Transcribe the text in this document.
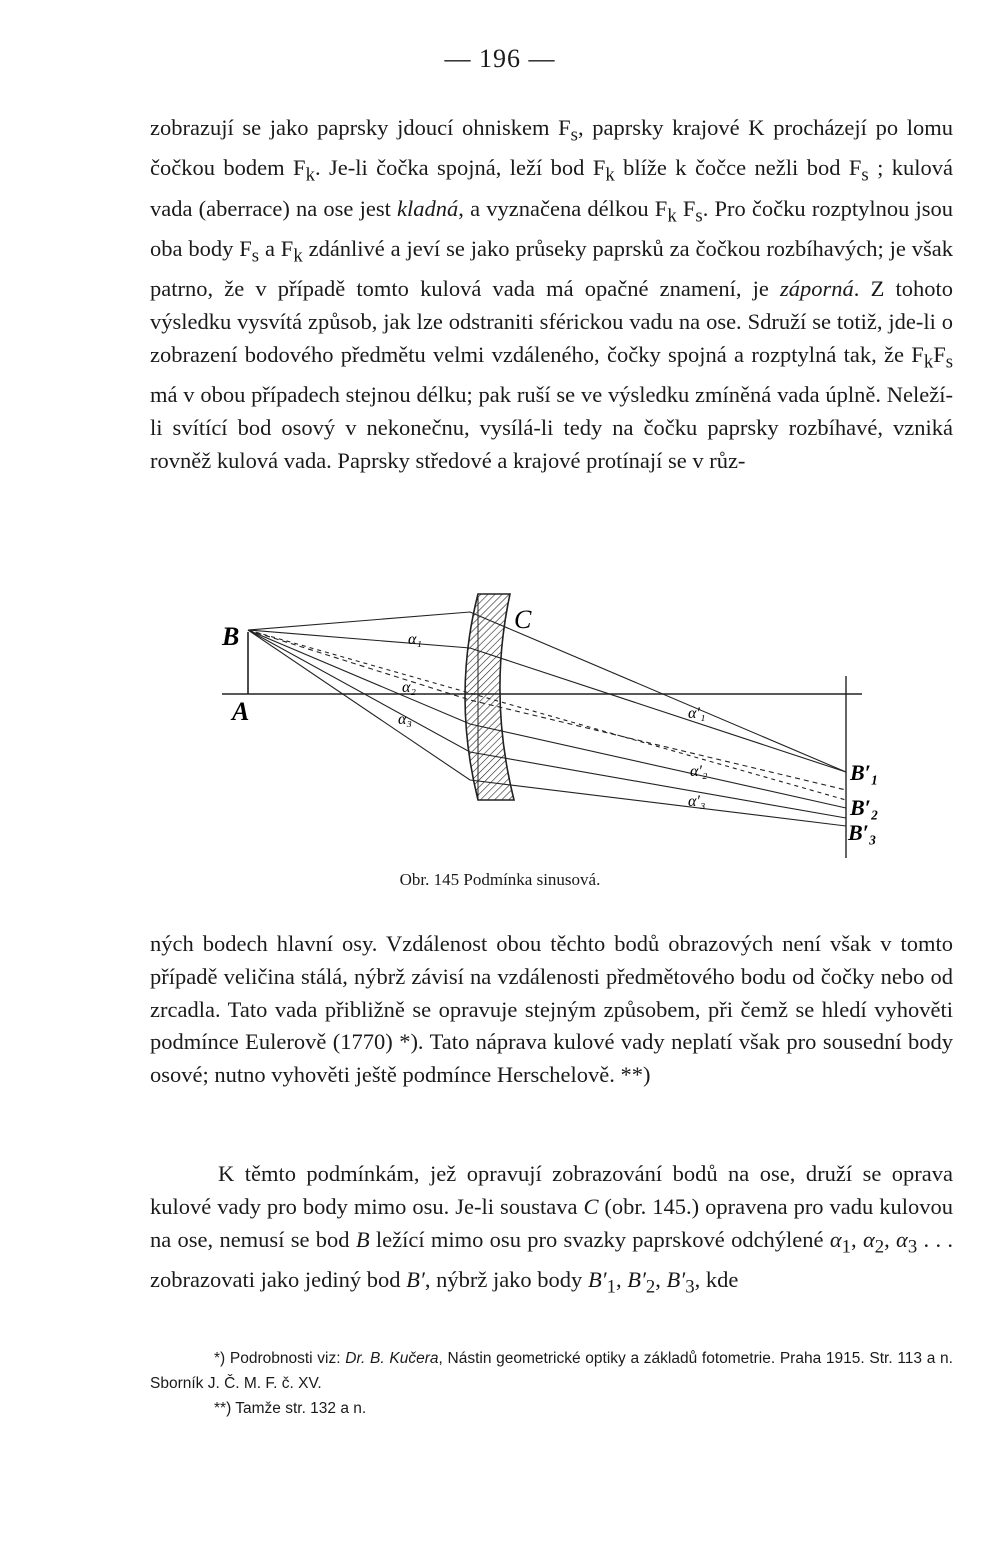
— 196 —

zobrazují se jako paprsky jdoucí ohniskem $F_s$, paprsky krajové K procházejí po lomu čočkou bodem $F_k$. Je-li čočka spojná, leží bod $F_k$ blíže k čočce nežli bod $F_s$ ; kulová vada (aberrace) na ose jest kladná, a vyznačena délkou $F_k$ $F_s$. Pro čočku rozptylnou jsou oba body $F_s$ a $F_k$ zdánlivé a jeví se jako průseky paprsků za čočkou rozbíhavých; je však patrno, že v případě tomto kulová vada má opačné znamení, je záporná. Z tohoto výsledku vysvítá způsob, jak lze odstraniti sférickou vadu na ose. Sdruží se totiž, jde-li o zobrazení bodového předmětu velmi vzdáleného, čočky spojná a rozptylná tak, že $F_kF_s$ má v obou případech stejnou délku; pak ruší se ve výsledku zmíněná vada úplně. Neleží-li svítící bod osový v nekonečnu, vysílá-li tedy na čočku paprsky rozbíhavé, vzniká rovněž kulová vada. Paprsky středové a krajové protínají se v růz-

B
A
C
α₁
α₂
α₃	α′₁
α′₂
α′₃
B′₁
B′₂
B′₃
Obr. 145 Podmínka sinusová.

ných bodech hlavní osy. Vzdálenost obou těchto bodů obrazových není však v tomto případě veličina stálá, nýbrž závisí na vzdálenosti předmětového bodu od čočky nebo od zrcadla. Tato vada přibližně se opravuje stejným způsobem, při čemž se hledí vyhověti podmínce Eulerově (1770) *). Tato náprava kulové vady neplatí však pro sousední body osové; nutno vyhověti ještě podmínce Herschelově. **)

K těmto podmínkám, jež opravují zobrazování bodů na ose, druží se oprava kulové vady pro body mimo osu. Je-li soustava C (obr. 145.) opravena pro vadu kulovou na ose, nemusí se bod B ležící mimo osu pro svazky paprskové odchýlené $\alpha_1$, $\alpha_2$, $\alpha_3$ . . . zobrazovati jako jediný bod B′, nýbrž jako body $B'_1$, $B'_2$, $B'_3$, kde

*) Podrobnosti viz: Dr. B. Kučera, Nástin geometrické optiky a základů fotometrie. Praha 1915. Str. 113 a n. Sborník J. Č. M. F. č. XV.

**) Tamže str. 132 a n.
